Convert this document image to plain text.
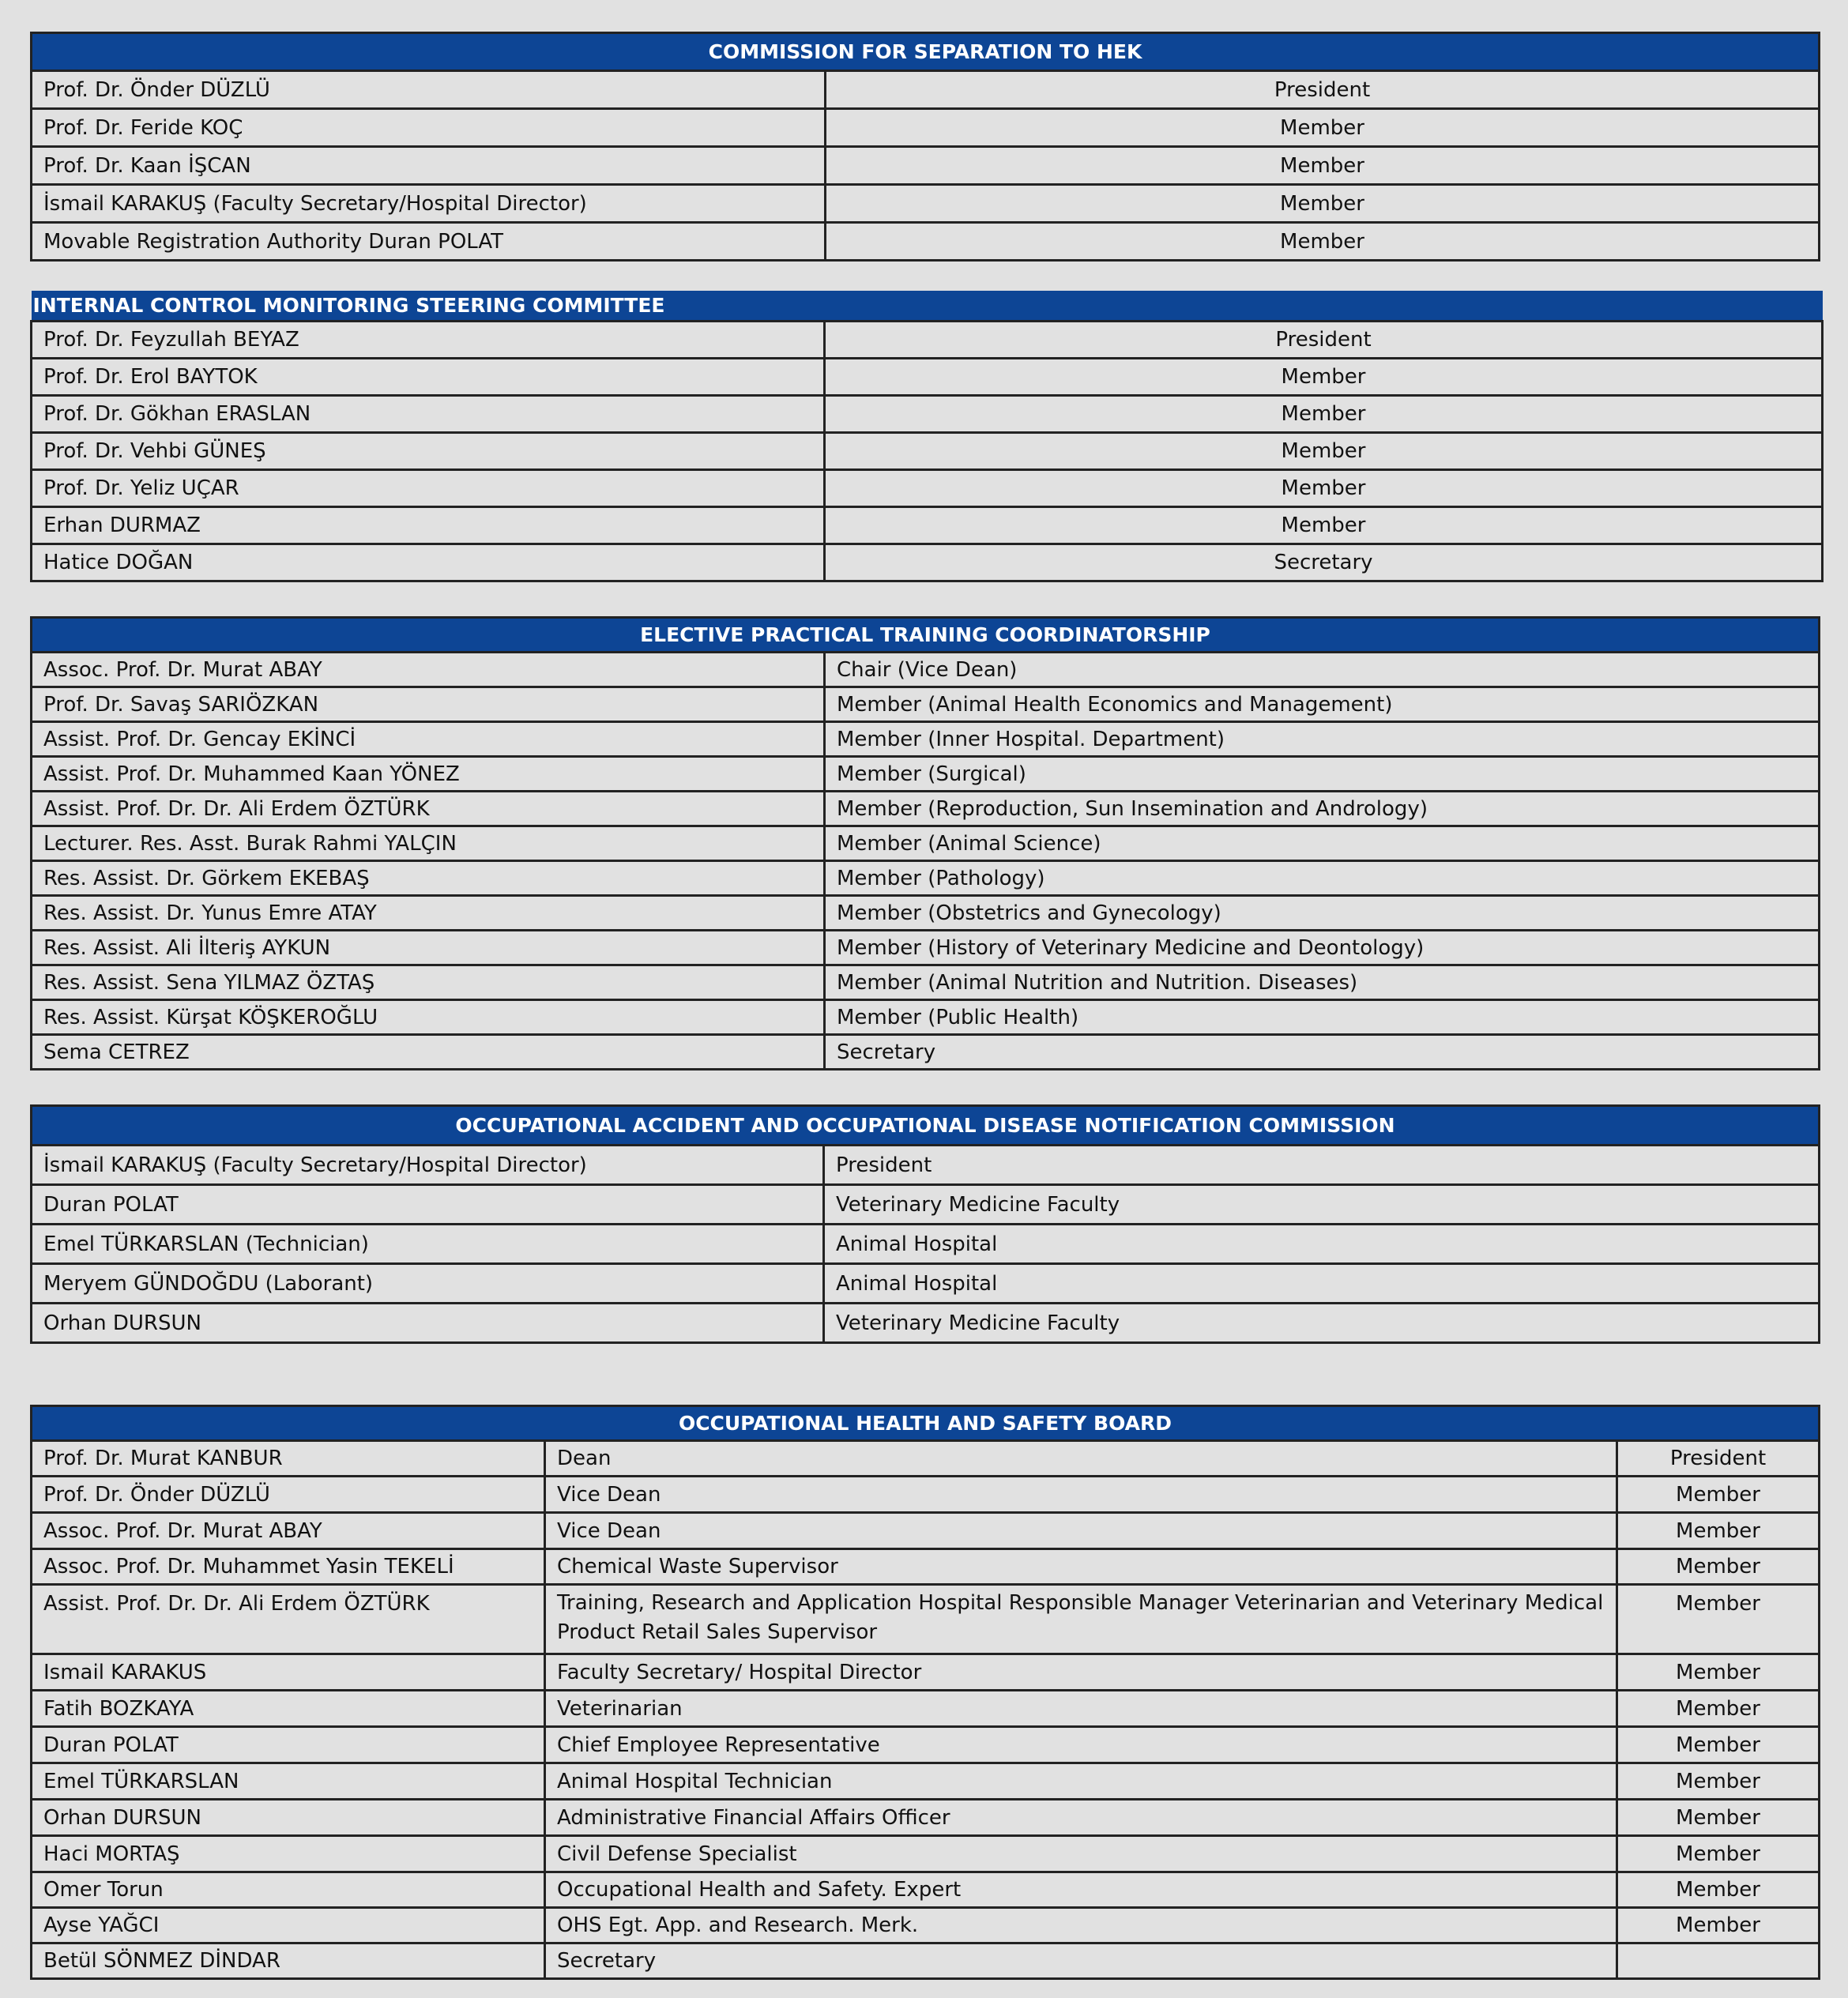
COMMISSION FOR SEPARATION TO HEK	
Prof. Dr. Önder DÜZLÜ	President
Prof. Dr. Feride KOÇ	Member
Prof. Dr. Kaan İŞCAN	Member
İsmail KARAKUŞ (Faculty Secretary/Hospital Director)	Member
Movable Registration Authority Duran POLAT	Member
INTERNAL CONTROL MONITORING STEERING COMMITTEE	
Prof. Dr. Feyzullah BEYAZ	President
Prof. Dr. Erol BAYTOK	Member
Prof. Dr. Gökhan ERASLAN	Member
Prof. Dr. Vehbi GÜNEŞ	Member
Prof. Dr. Yeliz UÇAR	Member
Erhan DURMAZ	Member
Hatice DOĞAN	Secretary
ELECTIVE PRACTICAL TRAINING COORDINATORSHIP	
Assoc. Prof. Dr. Murat ABAY	Chair (Vice Dean)
Prof. Dr. Savaş SARIÖZKAN	Member (Animal Health Economics and Management)
Assist. Prof. Dr. Gencay EKİNCİ	Member (Inner Hospital. Department)
Assist. Prof. Dr. Muhammed Kaan YÖNEZ	Member (Surgical)
Assist. Prof. Dr. Dr. Ali Erdem ÖZTÜRK	Member (Reproduction, Sun Insemination and Andrology)
Lecturer. Res. Asst. Burak Rahmi YALÇIN	Member (Animal Science)
Res. Assist. Dr. Görkem EKEBAŞ	Member (Pathology)
Res. Assist. Dr. Yunus Emre ATAY	Member (Obstetrics and Gynecology)
Res. Assist. Ali İlteriş AYKUN	Member (History of Veterinary Medicine and Deontology)
Res. Assist. Sena YILMAZ ÖZTAŞ	Member (Animal Nutrition and Nutrition. Diseases)
Res. Assist. Kürşat KÖŞKEROĞLU	Member (Public Health)
Sema CETREZ	Secretary
OCCUPATIONAL ACCIDENT AND OCCUPATIONAL DISEASE NOTIFICATION COMMISSION	
İsmail KARAKUŞ (Faculty Secretary/Hospital Director)	President
Duran POLAT	Veterinary Medicine Faculty
Emel TÜRKARSLAN (Technician)	Animal Hospital
Meryem GÜNDOĞDU (Laborant)	Animal Hospital
Orhan DURSUN	Veterinary Medicine Faculty
OCCUPATIONAL HEALTH AND SAFETY BOARD		
Prof. Dr. Murat KANBUR	Dean	President
Prof. Dr. Önder DÜZLÜ	Vice Dean	Member
Assoc. Prof. Dr. Murat ABAY	Vice Dean	Member
Assoc. Prof. Dr. Muhammet Yasin TEKELİ	Chemical Waste Supervisor	Member
Assist. Prof. Dr. Dr. Ali Erdem ÖZTÜRK	Training, Research and Application Hospital Responsible Manager Veterinarian and Veterinary Medical Product Retail Sales Supervisor	Member
Ismail KARAKUS	Faculty Secretary/ Hospital Director	Member
Fatih BOZKAYA	Veterinarian	Member
Duran POLAT	Chief Employee Representative	Member
Emel TÜRKARSLAN	Animal Hospital Technician	Member
Orhan DURSUN	Administrative Financial Affairs Officer	Member
Haci MORTAŞ	Civil Defense Specialist	Member
Omer Torun	Occupational Health and Safety. Expert	Member
Ayse YAĞCI	OHS Egt. App. and Research. Merk.	Member
Betül SÖNMEZ DİNDAR	Secretary	
